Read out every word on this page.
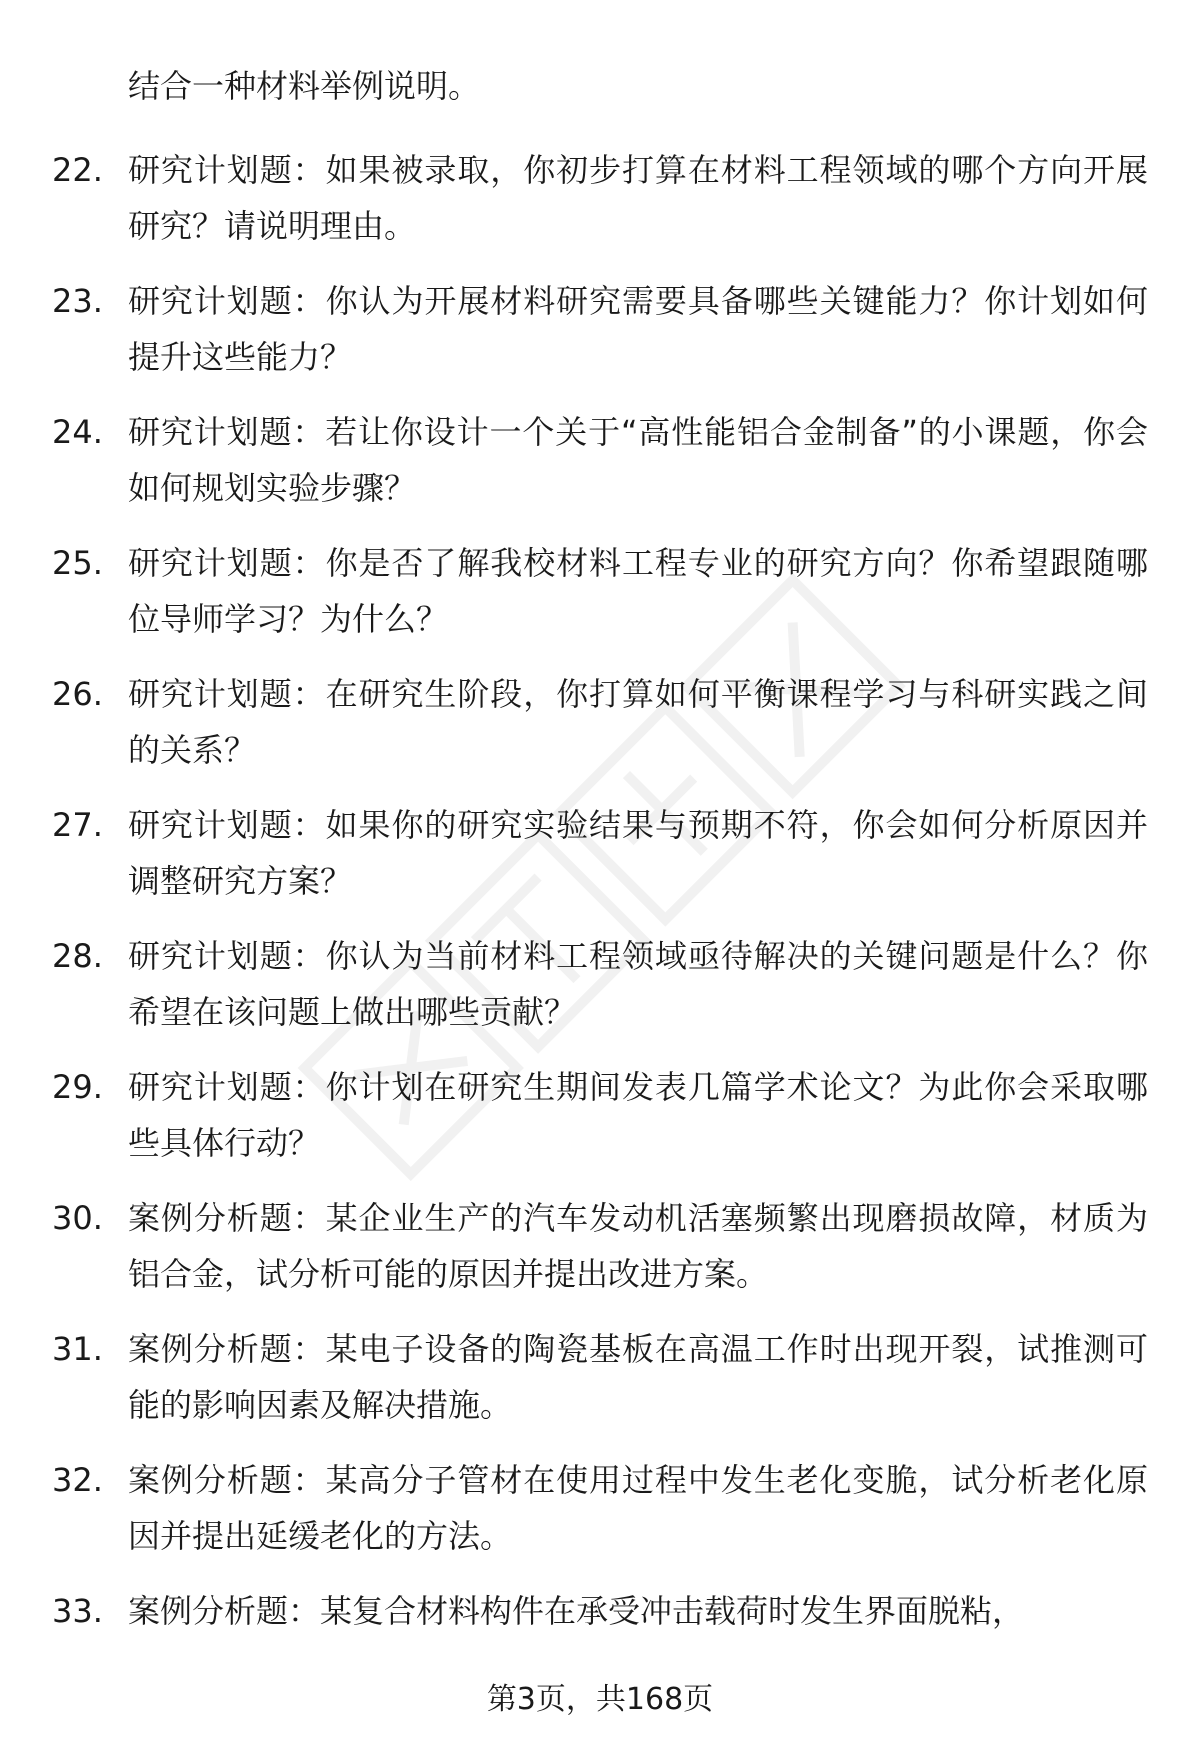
结合一种材料举例说明。
1. 22. 研究计划题：如果被录取，你初步打算在材料工程领域的哪个方向开展研究？请说明理由。
2. 23. 研究计划题：你认为开展材料研究需要具备哪些关键能力？你计划如何提升这些能力？
3. 24. 研究计划题：若让你设计一个关于“高性能铝合金制备”的小课题，你会如何规划实验步骤？
4. 25. 研究计划题：你是否了解我校材料工程专业的研究方向？你希望跟随哪位导师学习？为什么？
5. 26. 研究计划题：在研究生阶段，你打算如何平衡课程学习与科研实践之间的关系？
6. 27. 研究计划题：如果你的研究实验结果与预期不符，你会如何分析原因并调整研究方案？
7. 28. 研究计划题：你认为当前材料工程领域亟待解决的关键问题是什么？你希望在该问题上做出哪些贡献？
8. 29. 研究计划题：你计划在研究生期间发表几篇学术论文？为此你会采取哪些具体行动？
9. 30. 案例分析题：某企业生产的汽车发动机活塞频繁出现磨损故障，材质为铝合金，试分析可能的原因并提出改进方案。
10. 31. 案例分析题：某电子设备的陶瓷基板在高温工作时出现开裂，试推测可能的影响因素及解决措施。
11. 32. 案例分析题：某高分子管材在使用过程中发生老化变脆，试分析老化原因并提出延缓老化的方法。
12. 33. 案例分析题：某复合材料构件在承受冲击载荷时发生界面脱粘，
第3页，共168页
